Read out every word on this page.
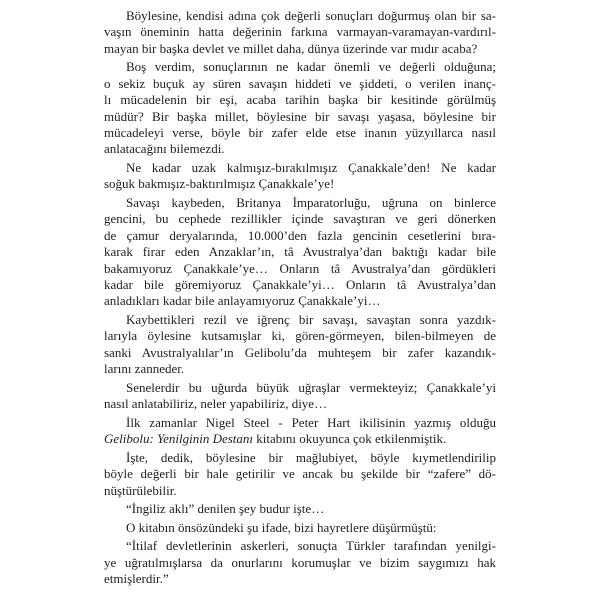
Böylesine, kendisi adına çok değerli sonuçları doğurmuş olan bir sa-
vaşın öneminin hatta değerinin farkına varmayan-varamayan-vardırıl-
mayan bir başka devlet ve millet daha, dünya üzerinde var mıdır acaba?
Boş verdim, sonuçlarının ne kadar önemli ve değerli olduğuna;
o sekiz buçuk ay süren savaşın hiddeti ve şiddeti, o verilen inanç-
lı mücadelenin bir eşi, acaba tarihin başka bir kesitinde görülmüş
müdür? Bir başka millet, böylesine bir savaşı yaşasa, böylesine bir
mücadeleyi verse, böyle bir zafer elde etse inanın yüzyıllarca nasıl
anlatacağını bilemezdi.
Ne kadar uzak kalmışız-bırakılmışız Çanakkale’den! Ne kadar
soğuk bakmışız-baktırılmışız Çanakkale’ye!
Savaşı kaybeden, Britanya İmparatorluğu, uğruna on binlerce
gencini, bu cephede rezillikler içinde savaştıran ve geri dönerken
de çamur deryalarında, 10.000’den fazla gencinin cesetlerini bıra-
karak firar eden Anzaklar’ın, tâ Avustralya’dan baktığı kadar bile
bakamıyoruz Çanakkale’ye… Onların tâ Avustralya’dan gördükleri
kadar bile göremiyoruz Çanakkale’yi… Onların tâ Avustralya’dan
anladıkları kadar bile anlayamıyoruz Çanakkale’yi…
Kaybettikleri rezil ve iğrenç bir savaşı, savaştan sonra yazdık-
larıyla öylesine kutsamışlar ki, gören-görmeyen, bilen-bilmeyen de
sanki Avustralyalılar’ın Gelibolu’da muhteşem bir zafer kazandık-
larını zanneder.
Senelerdir bu uğurda büyük uğraşlar vermekteyiz; Çanakkale’yi
nasıl anlatabiliriz, neler yapabiliriz, diye…
İlk zamanlar Nigel Steel - Peter Hart ikilisinin yazmış olduğu
Gelibolu: Yenilginin Destanı kitabını okuyunca çok etkilenmiştik.
İşte, dedik, böylesine bir mağlubiyet, böyle kıymetlendirilip
böyle değerli bir hale getirilir ve ancak bu şekilde bir “zafere” dö-
nüştürülebilir.
“İngiliz aklı” denilen şey budur işte…
O kitabın önsözündeki şu ifade, bizi hayretlere düşürmüştü:
“İtilaf devletlerinin askerleri, sonuçta Türkler tarafından yenilgi-
ye uğratılmışlarsa da onurlarını korumuşlar ve bizim saygımızı hak
etmişlerdir.”
